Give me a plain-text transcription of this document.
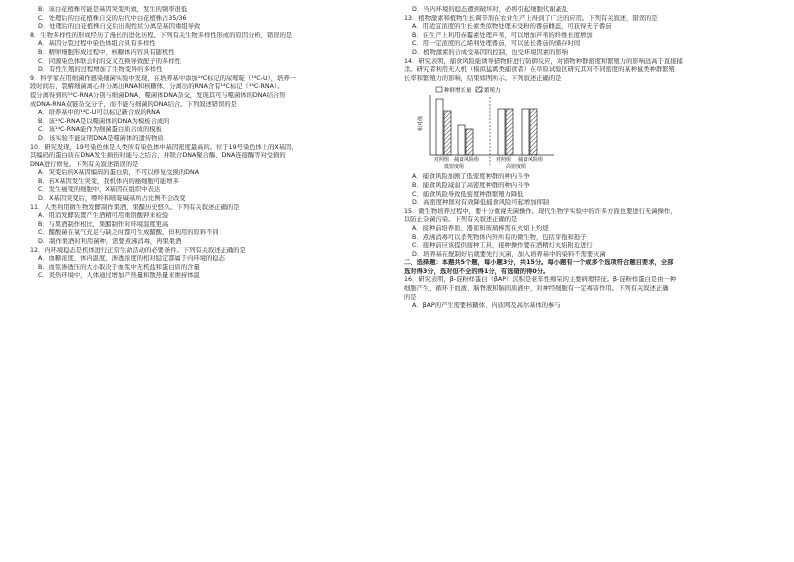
B．该白花植株可能是基因突变所致，发生的频率很低
C．处理后的白花植株自交的后代中白花植株占35/36
D．处理后的白花植株自交后出现性状分离是基因重组导致
8．生物多样性的形成经历了漫长的进化历程。下列有关生物多样性形成的原因分析，错误的是
A．基因分裂过程中染色体组合具有多样性
B．精卵细胞形成过程中，核糖体内容具有随机性
C．同源染色体联会时的交叉互换导致配子的多样性
D．有性生殖的过程增加了生物变异的多样性
9．科学家在用细菌作感染细菌实验中发现，在培养基中添加¹⁴C标记的尿嘧啶（¹⁴C-U），培养一
段时间后，裂解细菌离心并分离出RNA和核糖体，分离出的RNA含有¹⁴C标记（¹⁴C-RNA）。
提分离得到的¹⁴C-RNA分别与细菌DNA、噬菌体DNA杂交，发现其可与噬菌体的DNA结合形
成DNA-RNA双链杂交分子，而不能与细菌的DNA结合。下列叙述错误的是
A．培养基中的¹⁴C-U可以标记新合成的RNA
B．该¹⁴C-RNA是以噬菌体的DNA为模板合成的
C．该¹⁴C-RNA能作为细菌蛋白质合成的模板
D．该实验不能证明DNA是噬菌体的遗传物质
10．研究发现，19号染色体是人类所有染色体中基因密度最高的。位于19号染色体上的X基因，
其编码的蛋白质在DNA发生损伤时能与之结合，并联合DNA聚合酶、DNA连接酶等对受损的
DNA进行修复。下列有关叙述错误的是
A．突变后的X基因编码的蛋白质，不可以修复受损的DNA
B．若X基因发生突变，我机体内的癌细胞可能增多
C．发生癌变的细胞中，X基因在组织中表达
D．X基因突变后，嘌呤和嘧啶碱基所占比例不会改变
11．人类利用微生物发酵制作果酒、果醋历史悠久。下列有关叙述正确的是
A．用消发酵装置产生酒精可用重铬酸钾来检验
B．与果酒制作相比，果醋制作对环境温度更高
C．醋酸菌在氧气充足与缺乏时都可生成醋酸，但利用的原料不同
D．制作果酒时利用菌种，需要煮沸消毒，再果果酒
12．内环境稳态是机体进行正常生命活动的必要条件。下列有关叙述正确的是
A．血糖浓度、体内温度、渗透浓度的相对稳定都属于内环境的稳态
B．血浆渗透压的大小取决于血浆中无机盐和蛋白质的含量
C．炎热环境中，人体通过增加产热量和散热量来维持体温
D．当内环境的稳态遭到破坏时，必将引起细胞代谢紊乱
13．植物激素和植物生长调节剂在农业生产上得到了广泛的应用。下列有关叙述，错误的是
A．用适宜浓度的生长素类似物处理未受粉的番茄雌蕊，可获得无子番茄
B．在生产上利用赤霉素处理芦苇，可以增加芦苇的纤维长度增加
C．用一定浓度的乙烯利处理番茄，可以延长番茄的储存时间
D．植物激素的合成受基因的控制，也受环境因素的影响
14．研究表明，捕食风险能诱导猎物蛙进行防御反应，对猎物种群密度和繁殖力的影响远高于直接捕
杀。研究者利用无人机（模拟猛禽类捕食者）在草原试验区研究其对不同密度的某种鼠类种群繁殖
长率和繁殖力的影响，结果如图所示。下列叙述正确的是
种群增长量 繁殖力
相对值
对照组 捕食风险组	对照组 捕食风险组
低密度组	高密度组
A．捕食风险加剧了低密度种群的种内斗争
B．捕食风险减弱了高密度种群的种内斗争
C．捕食风险导致低密度种群繁殖力降低
D．高密度种群对有效降低捕食风险可起增加抑制
15．微生物培养过程中，要十分重视无菌操作。现代生物学实验中的许多方面也要进行无菌操作，
以防止杂菌污染。下列有关叙述正确的是
A．接种前培养皿、器皿和玻璃棒需在火焰上灼烧
B．煮沸消毒可以杀死物体内外所有的微生物，包括芽孢和孢子
C．接种前应该提供接种工具，接种操作要在酒精灯火焰附近进行
D．培养基在配制好后就要先行灭菌，加入培养基中的染料不需要灭菌
二、选择题：本题共5个题，每小题3分，共15分。每小题有一个或多个选项符合题目要求，全部
选对得3分，选对但不全的得1分，有选错的得0分。
16．研究表明，β-淀粉样蛋白（βAP）沉积是老年性痴呆的主要病理特征。β-淀粉样蛋白是由一种
细胞产生，循环于血液、脑脊液和脑间质液中，对神经细胞有一定毒害作用。下列有关叙述正确
的是
A．βAP的产生需要核糖体、内质网及高尔基体的参与
